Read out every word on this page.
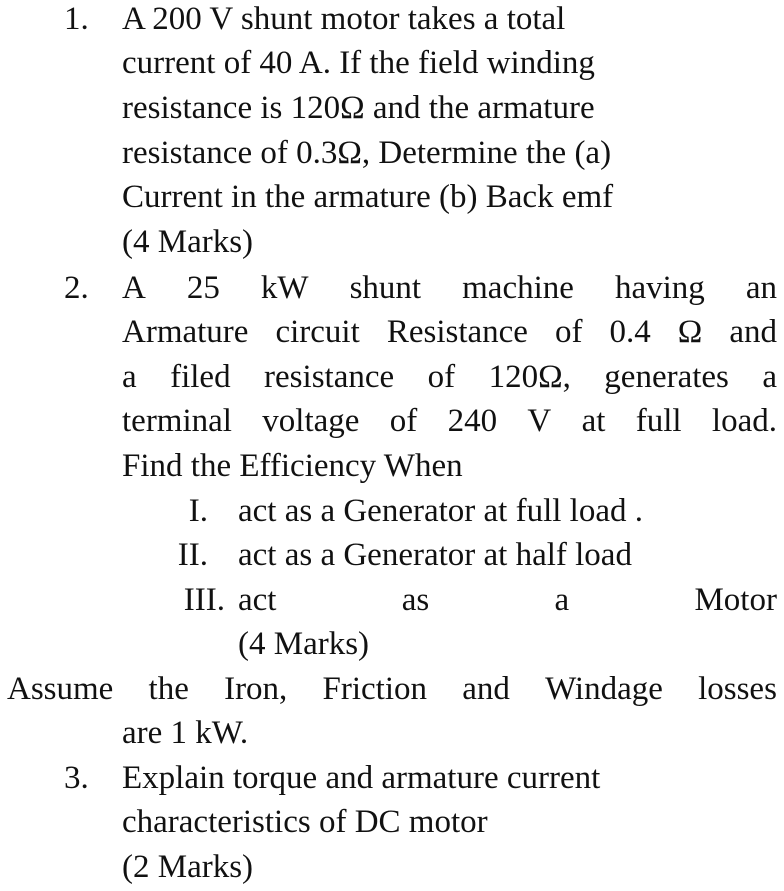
1. A 200 V shunt motor takes a total
current of 40 A. If the field winding
resistance is 120Ω and the armature
resistance of 0.3Ω, Determine the (a)
Current in the armature (b) Back emf
(4 Marks)
2. A 25 kW shunt machine having an
Armature circuit Resistance of 0.4 Ω and
a filed resistance of 120Ω, generates a
terminal voltage of 240 V at full load.
Find the Efficiency When
I. act as a Generator at full load .
II. act as a Generator at half load
III. act	as	a	Motor
(4 Marks)
Assume the Iron, Friction and Windage losses
are 1 kW.
3. Explain torque and armature current
characteristics of DC motor
(2 Marks)
